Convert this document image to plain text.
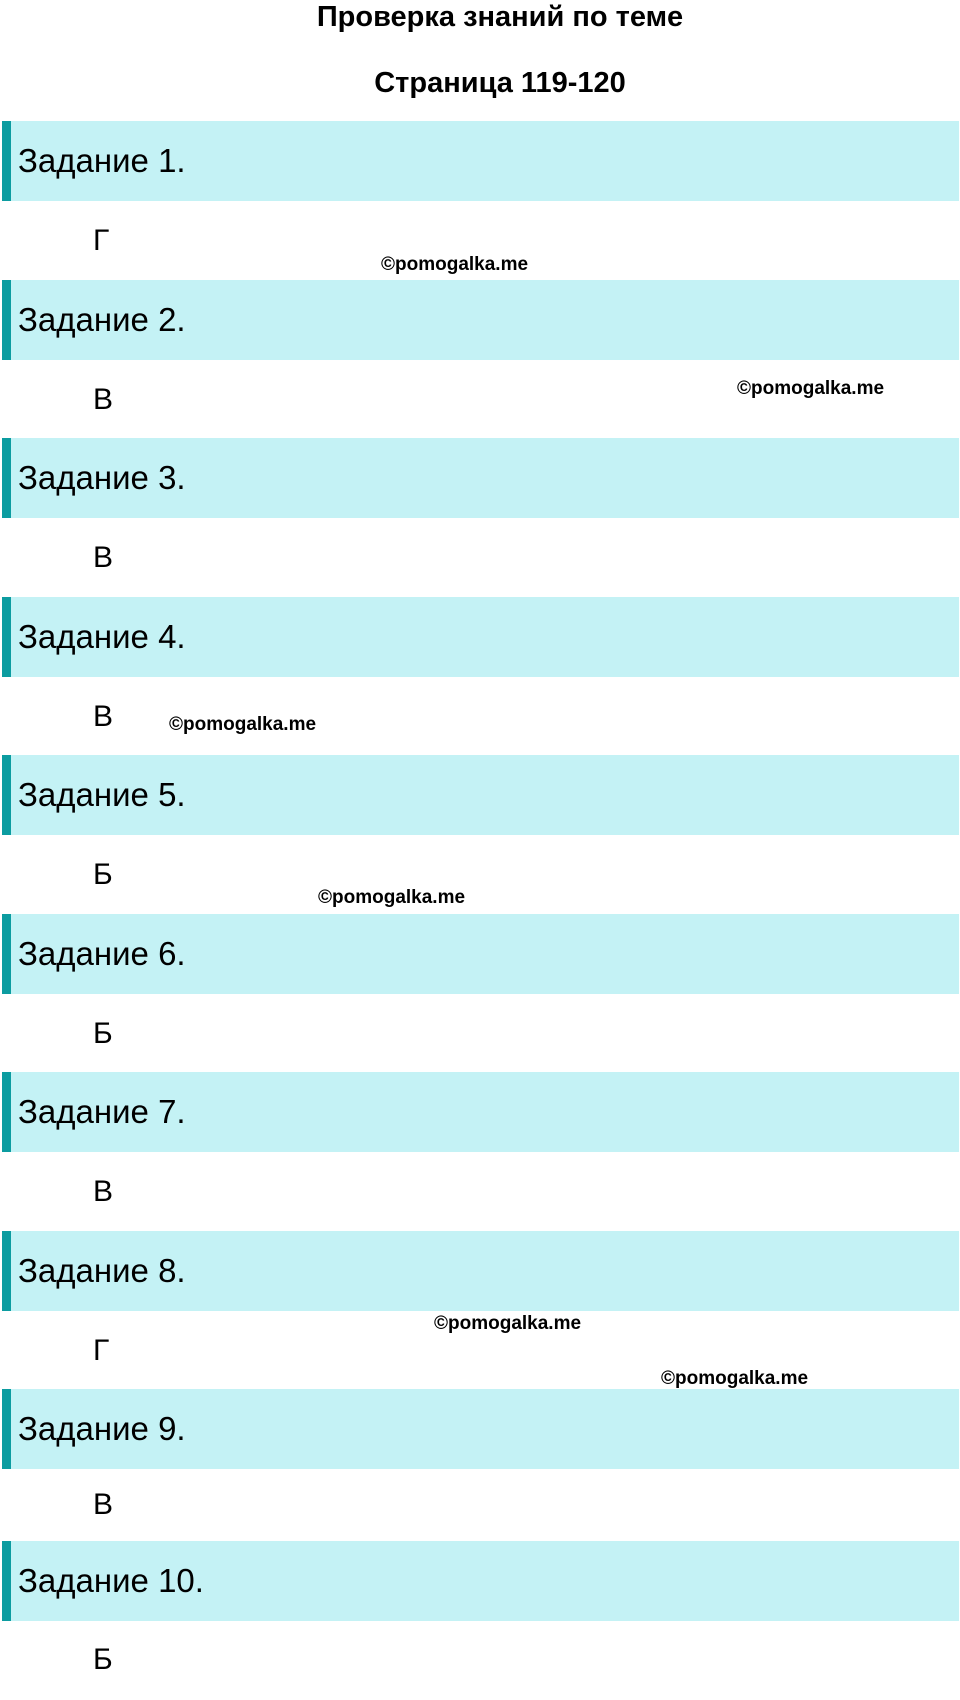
Проверка знаний по теме
Страница 119-120
Задание 1.
Г
Задание 2.
В
Задание 3.
В
Задание 4.
В
Задание 5.
Б
Задание 6.
Б
Задание 7.
В
Задание 8.
Г
Задание 9.
В
Задание 10.
Б
©pomogalka.me
©pomogalka.me
©pomogalka.me
©pomogalka.me
©pomogalka.me
©pomogalka.me
